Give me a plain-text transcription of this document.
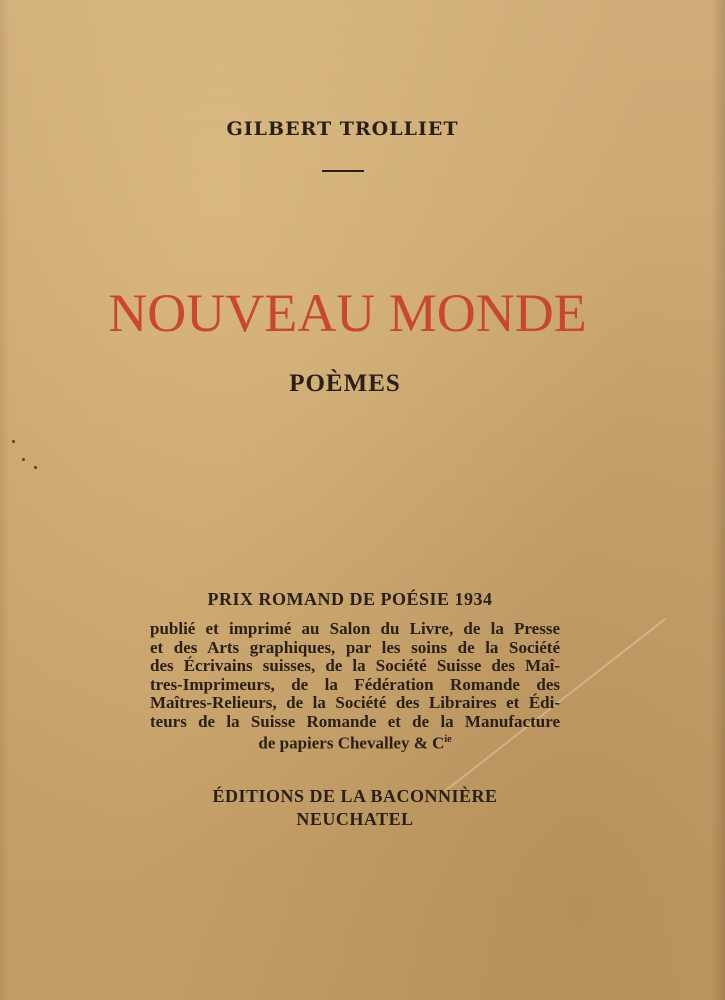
GILBERT TROLLIET
NOUVEAU MONDE
POÈMES
PRIX ROMAND DE POÉSIE 1934
publié et imprimé au Salon du Livre, de la Presse
et des Arts graphiques, par les soins de la Société
des Écrivains suisses, de la Société Suisse des Maî-
tres-Imprimeurs, de la Fédération Romande des
Maîtres-Relieurs, de la Société des Libraires et Édi-
teurs de la Suisse Romande et de la Manufacture
de papiers Chevalley & $C^{ie}$
ÉDITIONS DE LA BACONNIÈRE
NEUCHATEL
